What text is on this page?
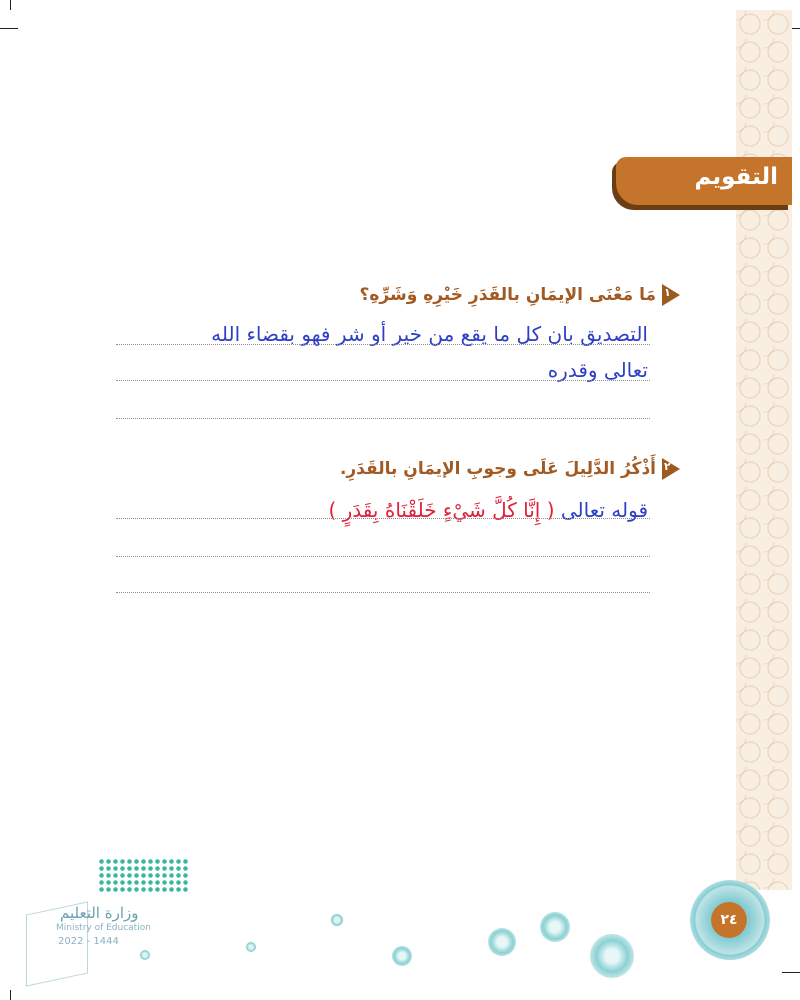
التقويم
١
مَا مَعْنَى الإيمَانِ بالقَدَرِ خَيْرِهِ وَشَرِّهِ؟
التصديق بان كل ما يقع من خير أو شر فهو بقضاء الله
تعالى وقدره
٢
أَذْكُرُ الدَّلِيلَ عَلَى وجوبِ الإيمَانِ بالقَدَرِ.
قوله تعالى ( إِنَّا كُلَّ شَيْءٍ خَلَقْنَاهُ بِقَدَرٍ )
وزارة التعليم
Ministry of Education
2022 - 1444
٢٤
